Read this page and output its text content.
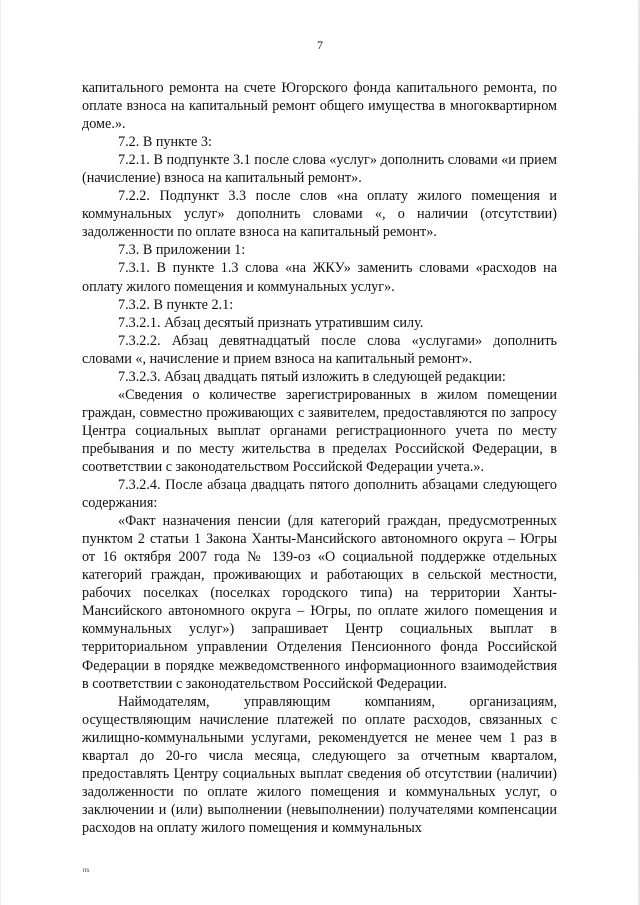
7

капитального ремонта на счете Югорского фонда капитального ремонта, по оплате взноса на капитальный ремонт общего имущества в многоквартирном доме.».

7.2. В пункте 3:

7.2.1. В подпункте 3.1 после слова «услуг» дополнить словами «и прием (начисление) взноса на капитальный ремонт».

7.2.2. Подпункт 3.3 после слов «на оплату жилого помещения и коммунальных услуг» дополнить словами «, о наличии (отсутствии) задолженности по оплате взноса на капитальный ремонт».

7.3. В приложении 1:

7.3.1. В пункте 1.3 слова «на ЖКУ» заменить словами «расходов на оплату жилого помещения и коммунальных услуг».

7.3.2. В пункте 2.1:

7.3.2.1. Абзац десятый признать утратившим силу.

7.3.2.2. Абзац девятнадцатый после слова «услугами» дополнить словами «, начисление и прием взноса на капитальный ремонт».

7.3.2.3. Абзац двадцать пятый изложить в следующей редакции:

«Сведения о количестве зарегистрированных в жилом помещении граждан, совместно проживающих с заявителем, предоставляются по запросу Центра социальных выплат органами регистрационного учета по месту пребывания и по месту жительства в пределах Российской Федерации, в соответствии с законодательством Российской Федерации учета.».

7.3.2.4. После абзаца двадцать пятого дополнить абзацами следующего содержания:

«Факт назначения пенсии (для категорий граждан, предусмотренных пунктом 2 статьи 1 Закона Ханты-Мансийского автономного округа – Югры от 16 октября 2007 года № 139-оз «О социальной поддержке отдельных категорий граждан, проживающих и работающих в сельской местности, рабочих поселках (поселках городского типа) на территории Ханты-Мансийского автономного округа – Югры, по оплате жилого помещения и коммунальных услуг») запрашивает Центр социальных выплат в территориальном управлении Отделения Пенсионного фонда Российской Федерации в порядке межведомственного информационного взаимодействия в соответствии с законодательством Российской Федерации.

Наймодателям, управляющим компаниям, организациям, осуществляющим начисление платежей по оплате расходов, связанных с жилищно-коммунальными услугами, рекомендуется не менее чем 1 раз в квартал до 20-го числа месяца, следующего за отчетным кварталом, предоставлять Центру социальных выплат сведения об отсутствии (наличии) задолженности по оплате жилого помещения и коммунальных услуг, о заключении и (или) выполнении (невыполнении) получателями компенсации расходов на оплату жилого помещения и коммунальных

ns
